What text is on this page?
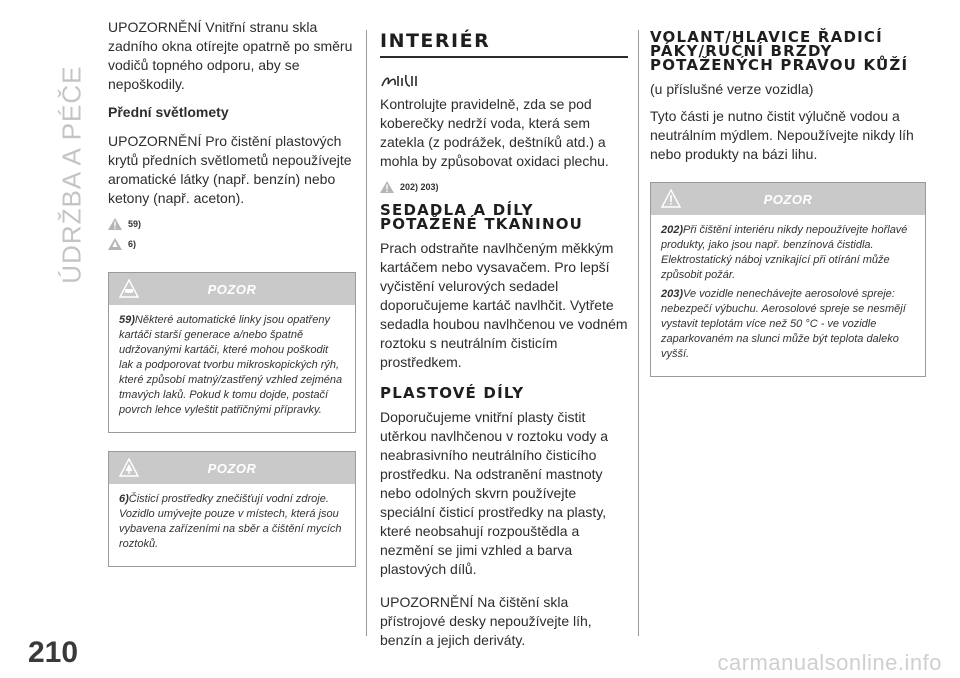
ÚDRŽBA A PÉČE
210	carmanualsonline.info

UPOZORNĚNÍ Vnitřní stranu skla zadního okna otírejte opatrně po směru vodičů topného odporu, aby se nepoškodily.

Přední světlomety

UPOZORNĚNÍ Pro čistění plastových krytů předních světlometů nepoužívejte aromatické látky (např. benzín) nebo ketony (např. aceton).

59)
6)
POZOR

59)Některé automatické linky jsou opatřeny kartáči starší generace a/nebo špatně udržovanými kartáči, které mohou poškodit lak a podporovat tvorbu mikroskopických rýh, které způsobí matný/zastřený vzhled zejména tmavých laků. Pokud k tomu dojde, postačí povrch lehce vyleštit patřičnými přípravky.

POZOR

6)Čisticí prostředky znečišťují vodní zdroje. Vozidlo umývejte pouze v místech, která jsou vybavena zařízeními na sběr a čištění mycích roztoků.

INTERIÉR

Kontrolujte pravidelně, zda se pod koberečky nedrží voda, která sem zatekla (z podrážek, deštníků atd.) a mohla by způsobovat oxidaci plechu.

202) 203)
SEDADLA A DÍLY POTAŽENÉ TKANINOU

Prach odstraňte navlhčeným měkkým kartáčem nebo vysavačem. Pro lepší vyčistění velurových sedadel doporučujeme kartáč navlhčit. Vytřete sedadla houbou navlhčenou ve vodném roztoku s neutrálním čisticím prostředkem.

PLASTOVÉ DÍLY

Doporučujeme vnitřní plasty čistit utěrkou navlhčenou v roztoku vody a neabrasivního neutrálního čisticího prostředku. Na odstranění mastnoty nebo odolných skvrn používejte speciální čisticí prostředky na plasty, které neobsahují rozpouštědla a nezmění se jimi vzhled a barva plastových dílů.

UPOZORNĚNÍ Na čištění skla přístrojové desky nepoužívejte líh, benzín a jejich deriváty.

VOLANT/HLAVICE ŘADICÍ PÁKY/RUČNÍ BRZDY POTAŽENÝCH PRAVOU KŮŽÍ

(u příslušné verze vozidla)

Tyto části je nutno čistit výlučně vodou a neutrálním mýdlem. Nepoužívejte nikdy líh nebo produkty na bázi lihu.

POZOR

202)Při čištění interiéru nikdy nepoužívejte hořlavé produkty, jako jsou např. benzínová čistidla. Elektrostatický náboj vznikající při otírání může způsobit požár.

203)Ve vozidle nenechávejte aerosolové spreje: nebezpečí výbuchu. Aerosolové spreje se nesmějí vystavit teplotám více než 50 °C - ve vozidle zaparkovaném na slunci může být teplota daleko vyšší.
